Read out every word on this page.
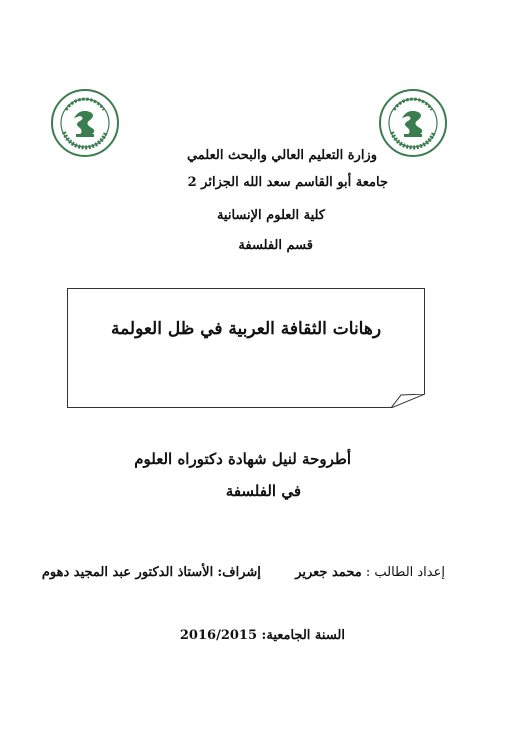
وزارة التعليم العالي والبحث العلمي
جامعة أبو القاسم سعد الله الجزائر 2
كلية العلوم الإنسانية
قسم الفلسفة
رهانات الثقافة العربية في ظل العولمة
أطروحة لنيل شهادة دكتوراه العلوم
في الفلسفة
إعداد الطالب : محمد جعرير  إشراف: الأستاذ الدكتور عبد المجيد دهوم
السنة الجامعية: 2016/2015
